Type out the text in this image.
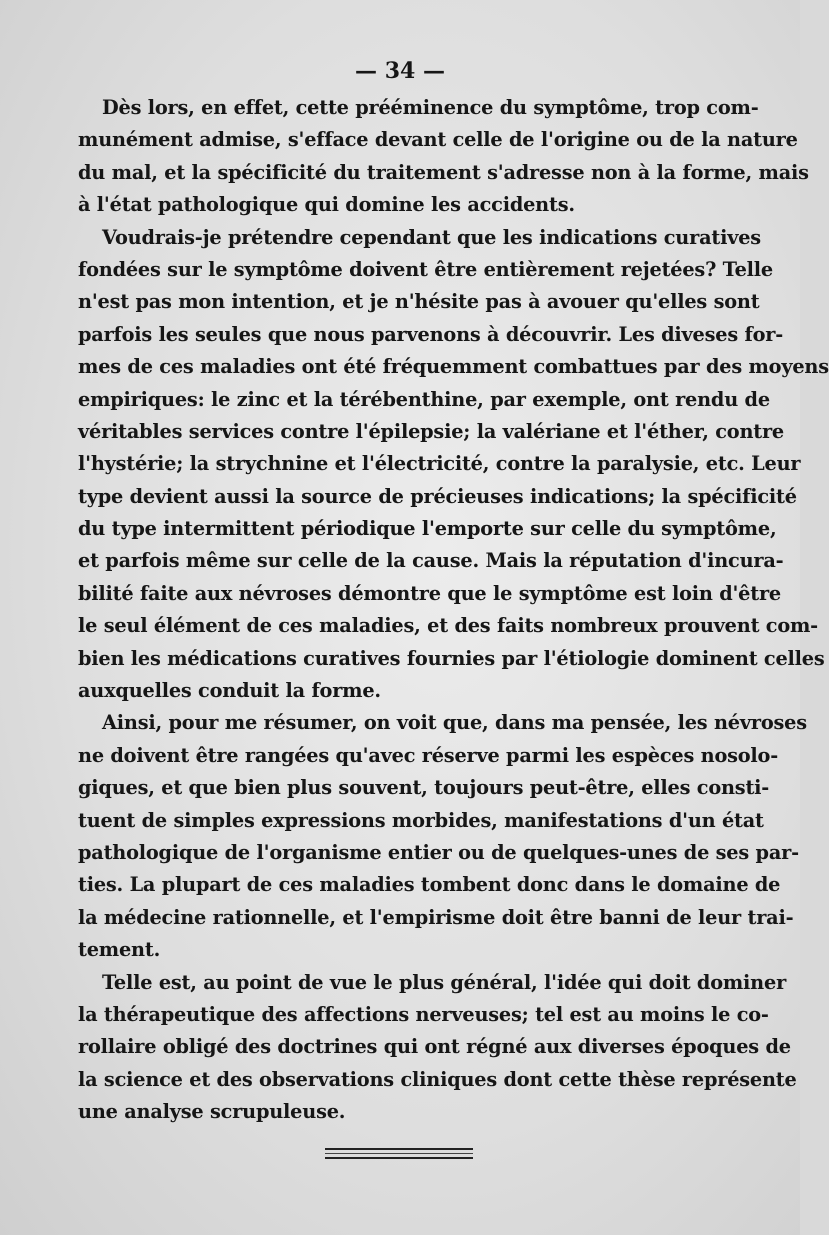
— 34 —
Dès lors, en effet, cette prééminence du symptôme, trop com-
munément admise, s'efface devant celle de l'origine ou de la nature
du mal, et la spécificité du traitement s'adresse non à la forme, mais
à l'état pathologique qui domine les accidents.
Voudrais-je prétendre cependant que les indications curatives
fondées sur le symptôme doivent être entièrement rejetées? Telle
n'est pas mon intention, et je n'hésite pas à avouer qu'elles sont
parfois les seules que nous parvenons à découvrir. Les diveses for-
mes de ces maladies ont été fréquemment combattues par des moyens
empiriques: le zinc et la térébenthine, par exemple, ont rendu de
véritables services contre l'épilepsie; la valériane et l'éther, contre
l'hystérie; la strychnine et l'électricité, contre la paralysie, etc. Leur
type devient aussi la source de précieuses indications; la spécificité
du type intermittent périodique l'emporte sur celle du symptôme,
et parfois même sur celle de la cause. Mais la réputation d'incura-
bilité faite aux névroses démontre que le symptôme est loin d'être
le seul élément de ces maladies, et des faits nombreux prouvent com-
bien les médications curatives fournies par l'étiologie dominent celles
auxquelles conduit la forme.
Ainsi, pour me résumer, on voit que, dans ma pensée, les névroses
ne doivent être rangées qu'avec réserve parmi les espèces nosolo-
giques, et que bien plus souvent, toujours peut-être, elles consti-
tuent de simples expressions morbides, manifestations d'un état
pathologique de l'organisme entier ou de quelques-unes de ses par-
ties. La plupart de ces maladies tombent donc dans le domaine de
la médecine rationnelle, et l'empirisme doit être banni de leur trai-
tement.
Telle est, au point de vue le plus général, l'idée qui doit dominer
la thérapeutique des affections nerveuses; tel est au moins le co-
rollaire obligé des doctrines qui ont régné aux diverses époques de
la science et des observations cliniques dont cette thèse représente
une analyse scrupuleuse.
